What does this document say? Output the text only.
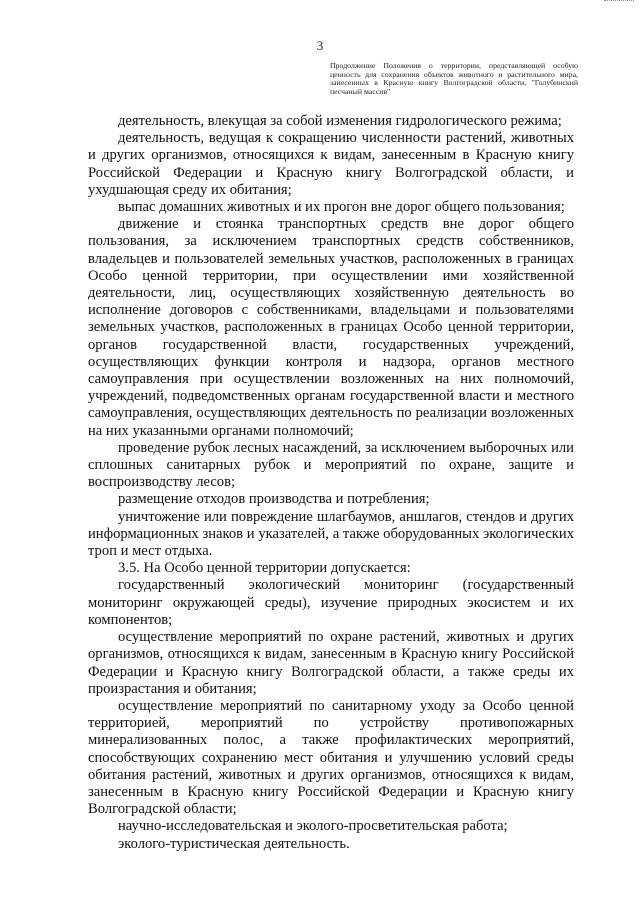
3
Продолжение Положения о территории, представляющей особую ценность для сохранения объектов животного и растительного мира, занесенных в Красную книгу Волгоградской области, "Голубинский песчаный массив"

деятельность, влекущая за собой изменения гидрологического режима;

деятельность, ведущая к сокращению численности растений, животных и других организмов, относящихся к видам, занесенным в Красную книгу Российской Федерации и Красную книгу Волгоградской области, и ухудшающая среду их обитания;

выпас домашних животных и их прогон вне дорог общего пользования;

движение и стоянка транспортных средств вне дорог общего пользования, за исключением транспортных средств собственников, владельцев и пользователей земельных участков, расположенных в границах Особо ценной территории, при осуществлении ими хозяйственной деятельности, лиц, осуществляющих хозяйственную деятельность во исполнение договоров с собственниками, владельцами и пользователями земельных участков, расположенных в границах Особо ценной территории, органов государственной власти, государственных учреждений, осуществляющих функции контроля и надзора, органов местного самоуправления при осуществлении возложенных на них полномочий, учреждений, подведомственных органам государственной власти и местного самоуправления, осуществляющих деятельность по реализации возложенных на них указанными органами полномочий;

проведение рубок лесных насаждений, за исключением выборочных или сплошных санитарных рубок и мероприятий по охране, защите и воспроизводству лесов;

размещение отходов производства и потребления;

уничтожение или повреждение шлагбаумов, аншлагов, стендов и других информационных знаков и указателей, а также оборудованных экологических троп и мест отдыха.

3.5. На Особо ценной территории допускается:

государственный экологический мониторинг (государственный мониторинг окружающей среды), изучение природных экосистем и их компонентов;

осуществление мероприятий по охране растений, животных и других организмов, относящихся к видам, занесенным в Красную книгу Российской Федерации и Красную книгу Волгоградской области, а также среды их произрастания и обитания;

осуществление мероприятий по санитарному уходу за Особо ценной территорией, мероприятий по устройству противопожарных минерализованных полос, а также профилактических мероприятий, способствующих сохранению мест обитания и улучшению условий среды обитания растений, животных и других организмов, относящихся к видам, занесенным в Красную книгу Российской Федерации и Красную книгу Волгоградской области;

научно-исследовательская и эколого-просветительская работа;

эколого-туристическая деятельность.
